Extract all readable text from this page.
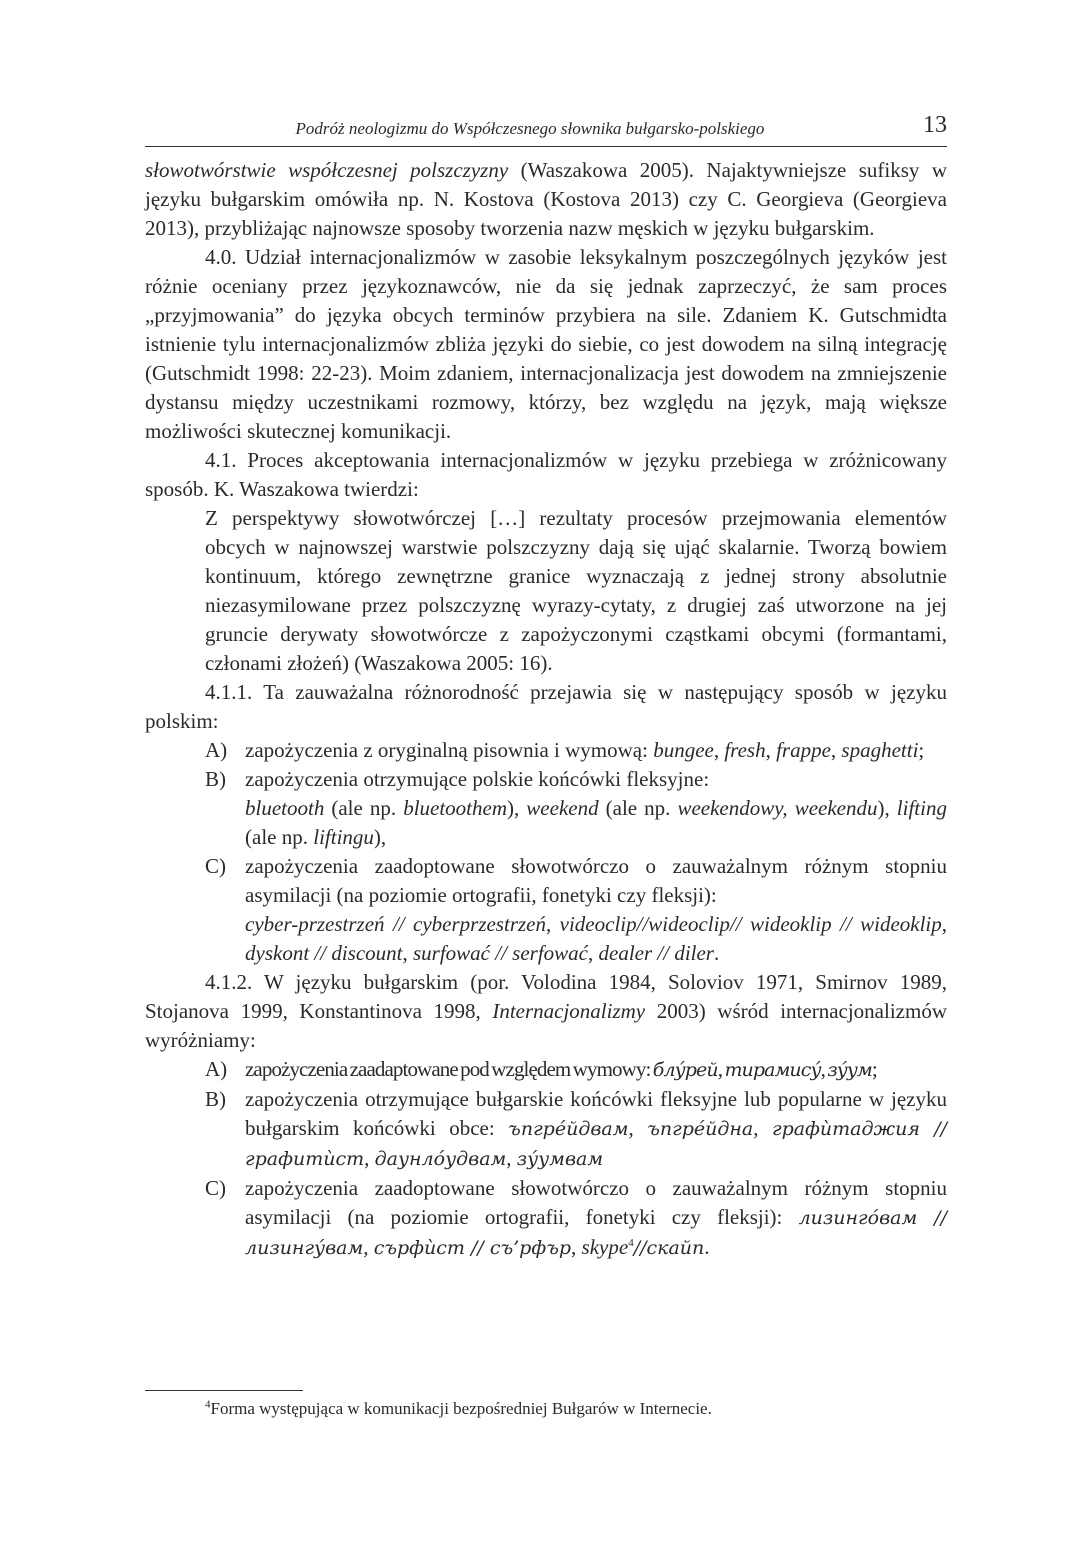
Podróż neologizmu do Współczesnego słownika bułgarsko-polskiego	13

słowotwórstwie współczesnej polszczyzny (Waszakowa 2005). Najaktywniejsze sufiksy w języku bułgarskim omówiła np. N. Kostova (Kostova 2013) czy C. Georgieva (Georgieva 2013), przybliżając najnowsze sposoby tworzenia nazw męskich w języku bułgarskim.

4.0. Udział internacjonalizmów w zasobie leksykalnym poszczególnych języków jest różnie oceniany przez językoznawców, nie da się jednak zaprzeczyć, że sam proces „przyjmowania” do języka obcych terminów przybiera na sile. Zdaniem K. Gutschmidta istnienie tylu internacjonalizmów zbliża języki do siebie, co jest dowodem na silną integrację (Gutschmidt 1998: 22-23). Moim zdaniem, internacjonalizacja jest dowodem na zmniejszenie dystansu między uczestnikami rozmowy, którzy, bez względu na język, mają większe możliwości skutecznej komunikacji.

4.1. Proces akceptowania internacjonalizmów w języku przebiega w zróżnicowany sposób. K. Waszakowa twierdzi:

Z perspektywy słowotwórczej […] rezultaty procesów przejmowania elementów obcych w najnowszej warstwie polszczyzny dają się ująć skalarnie. Tworzą bowiem kontinuum, którego zewnętrzne granice wyznaczają z jednej strony absolutnie niezasymilowane przez polszczyznę wyrazy-cytaty, z drugiej zaś utworzone na jej gruncie derywaty słowotwórcze z zapożyczonymi cząstkami obcymi (formantami, członami złożeń) (Waszakowa 2005: 16).

4.1.1. Ta zauważalna różnorodność przejawia się w następujący sposób w języku polskim:

A) zapożyczenia z oryginalną pisownia i wymową: bungee, fresh, frappe, spaghetti;
B) zapożyczenia otrzymujące polskie końcówki fleksyjne:
bluetooth (ale np. bluetoothem), weekend (ale np. weekendowy, weekendu), lifting (ale np. liftingu),
C) zapożyczenia zaadoptowane słowotwórczo o zauważalnym różnym stopniu asymilacji (na poziomie ortografii, fonetyki czy fleksji):
cyber-przestrzeń // cyberprzestrzeń, videoclip//wideoclip// wideoklip // wideoklip, dyskont // discount, surfować // serfować, dealer // diler.

4.1.2. W języku bułgarskim (por. Volodina 1984, Soloviov 1971, Smirnov 1989, Stojanova 1999, Konstantinova 1998, Internacjonalizmy 2003) wśród internacjonalizmów wyróżniamy:

A) zapożyczenia zaadaptowane pod względem wymowy: блу́рей, тирамису́, зу́ум;
B) zapożyczenia otrzymujące bułgarskie końcówki fleksyjne lub popularne w języku bułgarskim końcówki obce: ъпгре́йдвам, ъпгре́йдна, графѝтаджия // графитѝст, даунло́удвам, зу́умвам
C) zapożyczenia zaadoptowane słowotwórczo o zauważalnym różnym stopniu asymilacji (na poziomie ortografii, fonetyki czy fleksji): лизинго́вам // лизингу́вам, сърфѝст // съ’рфър, skype$^4$//скайп.
$^4$Forma występująca w komunikacji bezpośredniej Bułgarów w Internecie.
